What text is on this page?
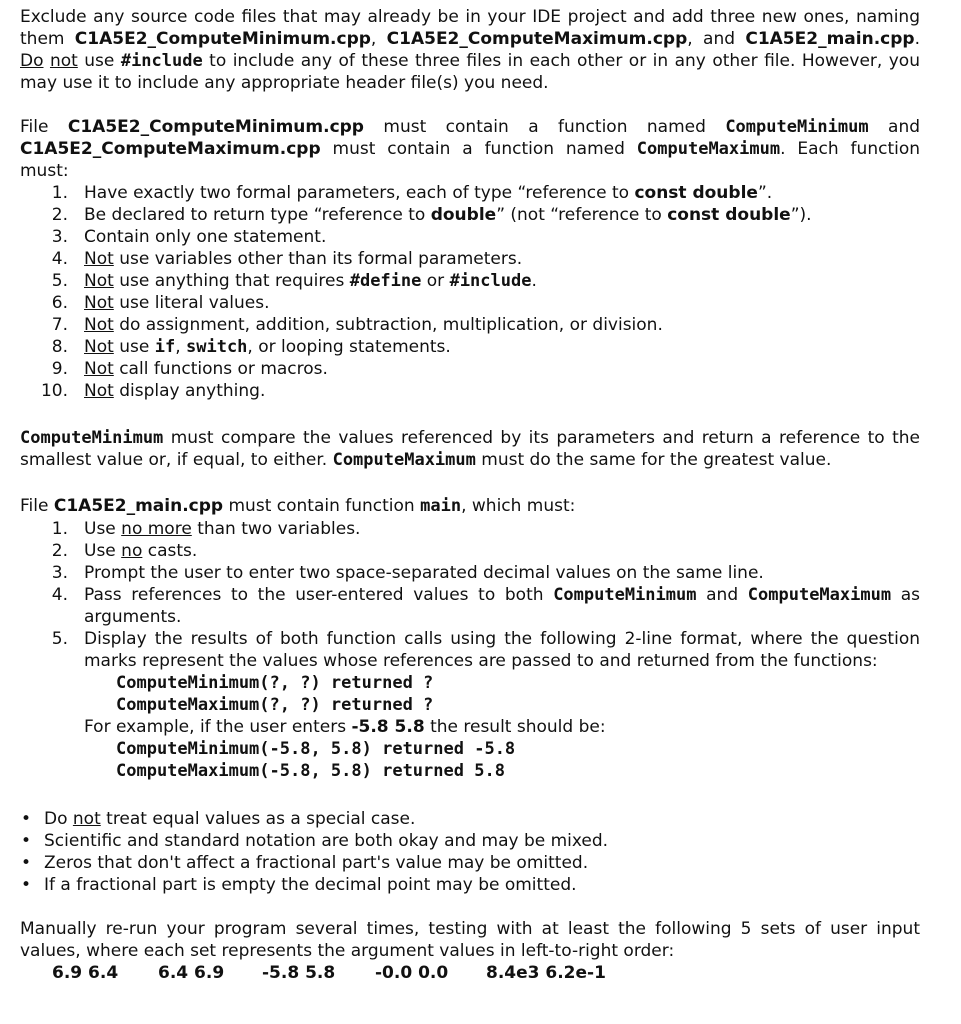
Exclude any source code files that may already be in your IDE project and add three new ones, naming them C1A5E2_ComputeMinimum.cpp, C1A5E2_ComputeMaximum.cpp, and C1A5E2_main.cpp. Do not use #include to include any of these three files in each other or in any other file. However, you may use it to include any appropriate header file(s) you need.

File C1A5E2_ComputeMinimum.cpp must contain a function named ComputeMinimum and C1A5E2_ComputeMaximum.cpp must contain a function named ComputeMaximum. Each function must:

1. Have exactly two formal parameters, each of type “reference to const double”.
2. Be declared to return type “reference to double” (not “reference to const double”).
3. Contain only one statement.
4. Not use variables other than its formal parameters.
5. Not use anything that requires #define or #include.
6. Not use literal values.
7. Not do assignment, addition, subtraction, multiplication, or division.
8. Not use if, switch, or looping statements.
9. Not call functions or macros.
10. Not display anything.

ComputeMinimum must compare the values referenced by its parameters and return a reference to the smallest value or, if equal, to either. ComputeMaximum must do the same for the greatest value.

File C1A5E2_main.cpp must contain function main, which must:

1. Use no more than two variables.
2. Use no casts.
3. Prompt the user to enter two space-separated decimal values on the same line.
4. Pass references to the user-entered values to both ComputeMinimum and ComputeMaximum as arguments.
5. Display the results of both function calls using the following 2-line format, where the question marks represent the values whose references are passed to and returned from the functions:
ComputeMinimum(?, ?) returned ?
ComputeMaximum(?, ?) returned ?
For example, if the user enters -5.8 5.8 the result should be:
ComputeMinimum(-5.8, 5.8) returned -5.8
ComputeMaximum(-5.8, 5.8) returned 5.8
• Do not treat equal values as a special case.
• Scientific and standard notation are both okay and may be mixed.
• Zeros that don't affect a fractional part's value may be omitted.
• If a fractional part is empty the decimal point may be omitted.

Manually re-run your program several times, testing with at least the following 5 sets of user input values, where each set represents the argument values in left-to-right order:

6.9 6.4 6.4 6.9 -5.8 5.8 -0.0 0.0 8.4e3 6.2e-1
